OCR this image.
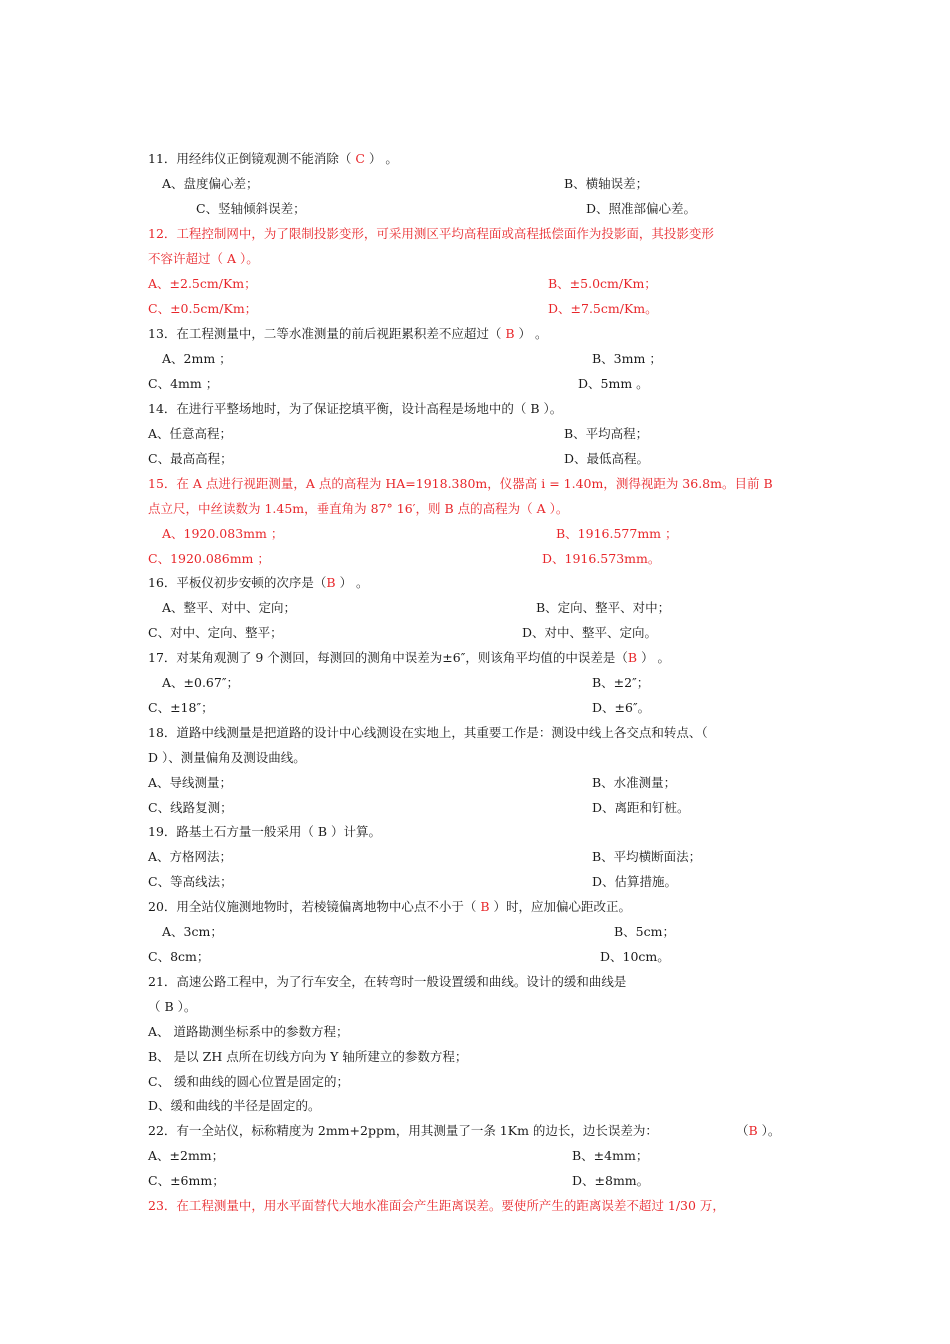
11．用经纬仪正倒镜观测不能消除（ C ） 。
A、盘度偏心差；	B、横轴误差；
C、竖轴倾斜误差；	D、照准部偏心差。
12．工程控制网中，为了限制投影变形，可采用测区平均高程面或高程抵偿面作为投影面，其投影变形
不容许超过（ A ）。
A、±2.5cm/Km；	B、±5.0cm/Km；
C、±0.5cm/Km；	D、±7.5cm/Km。
13．在工程测量中，二等水准测量的前后视距累积差不应超过（ B ） 。
A、2mm ；	B、3mm ；
C、4mm ；	D、5mm 。
14．在进行平整场地时，为了保证挖填平衡，设计高程是场地中的（ B ）。
A、任意高程；	B、平均高程；
C、最高高程；	D、最低高程。
15．在 A 点进行视距测量，A 点的高程为 HA=1918.380m，仪器高 i = 1.40m，测得视距为 36.8m。目前 B
点立尺，中丝读数为 1.45m，垂直角为 87° 16′，则 B 点的高程为（ A ）。
A、1920.083mm ；	B、1916.577mm ；
C、1920.086mm ；	D、1916.573mm。
16．平板仪初步安顿的次序是（B ） 。
A、整平、对中、定向；	B、定向、整平、对中；
C、对中、定向、整平；	D、对中、整平、定向。
17．对某角观测了 9 个测回，每测回的测角中误差为±6″，则该角平均值的中误差是（B ） 。
A、±0.67″；	B、±2″；
C、±18″；	D、±6″。
18．道路中线测量是把道路的设计中心线测设在实地上，其重要工作是：测设中线上各交点和转点、（
D ）、测量偏角及测设曲线。
A、导线测量；	B、水准测量；
C、线路复测；	D、离距和钉桩。
19．路基土石方量一般采用（ B ）计算。
A、方格网法；	B、平均横断面法；
C、等高线法；	D、估算措施。
20．用全站仪施测地物时，若棱镜偏离地物中心点不小于（ B ）时，应加偏心距改正。
A、3cm；	B、5cm；
C、8cm；	D、10cm。
21．高速公路工程中，为了行车安全，在转弯时一般设置缓和曲线。设计的缓和曲线是
（ B ）。
A、 道路勘测坐标系中的参数方程；
B、 是以 ZH 点所在切线方向为 Y 轴所建立的参数方程；
C、 缓和曲线的圆心位置是固定的；
D、缓和曲线的半径是固定的。
22．有一全站仪，标称精度为 2mm+2ppm，用其测量了一条 1Km 的边长，边长误差为：	（B ）。
A、±2mm；	B、±4mm；
C、±6mm；	D、±8mm。
23．在工程测量中，用水平面替代大地水准面会产生距离误差。要使所产生的距离误差不超过 1/30 万，
